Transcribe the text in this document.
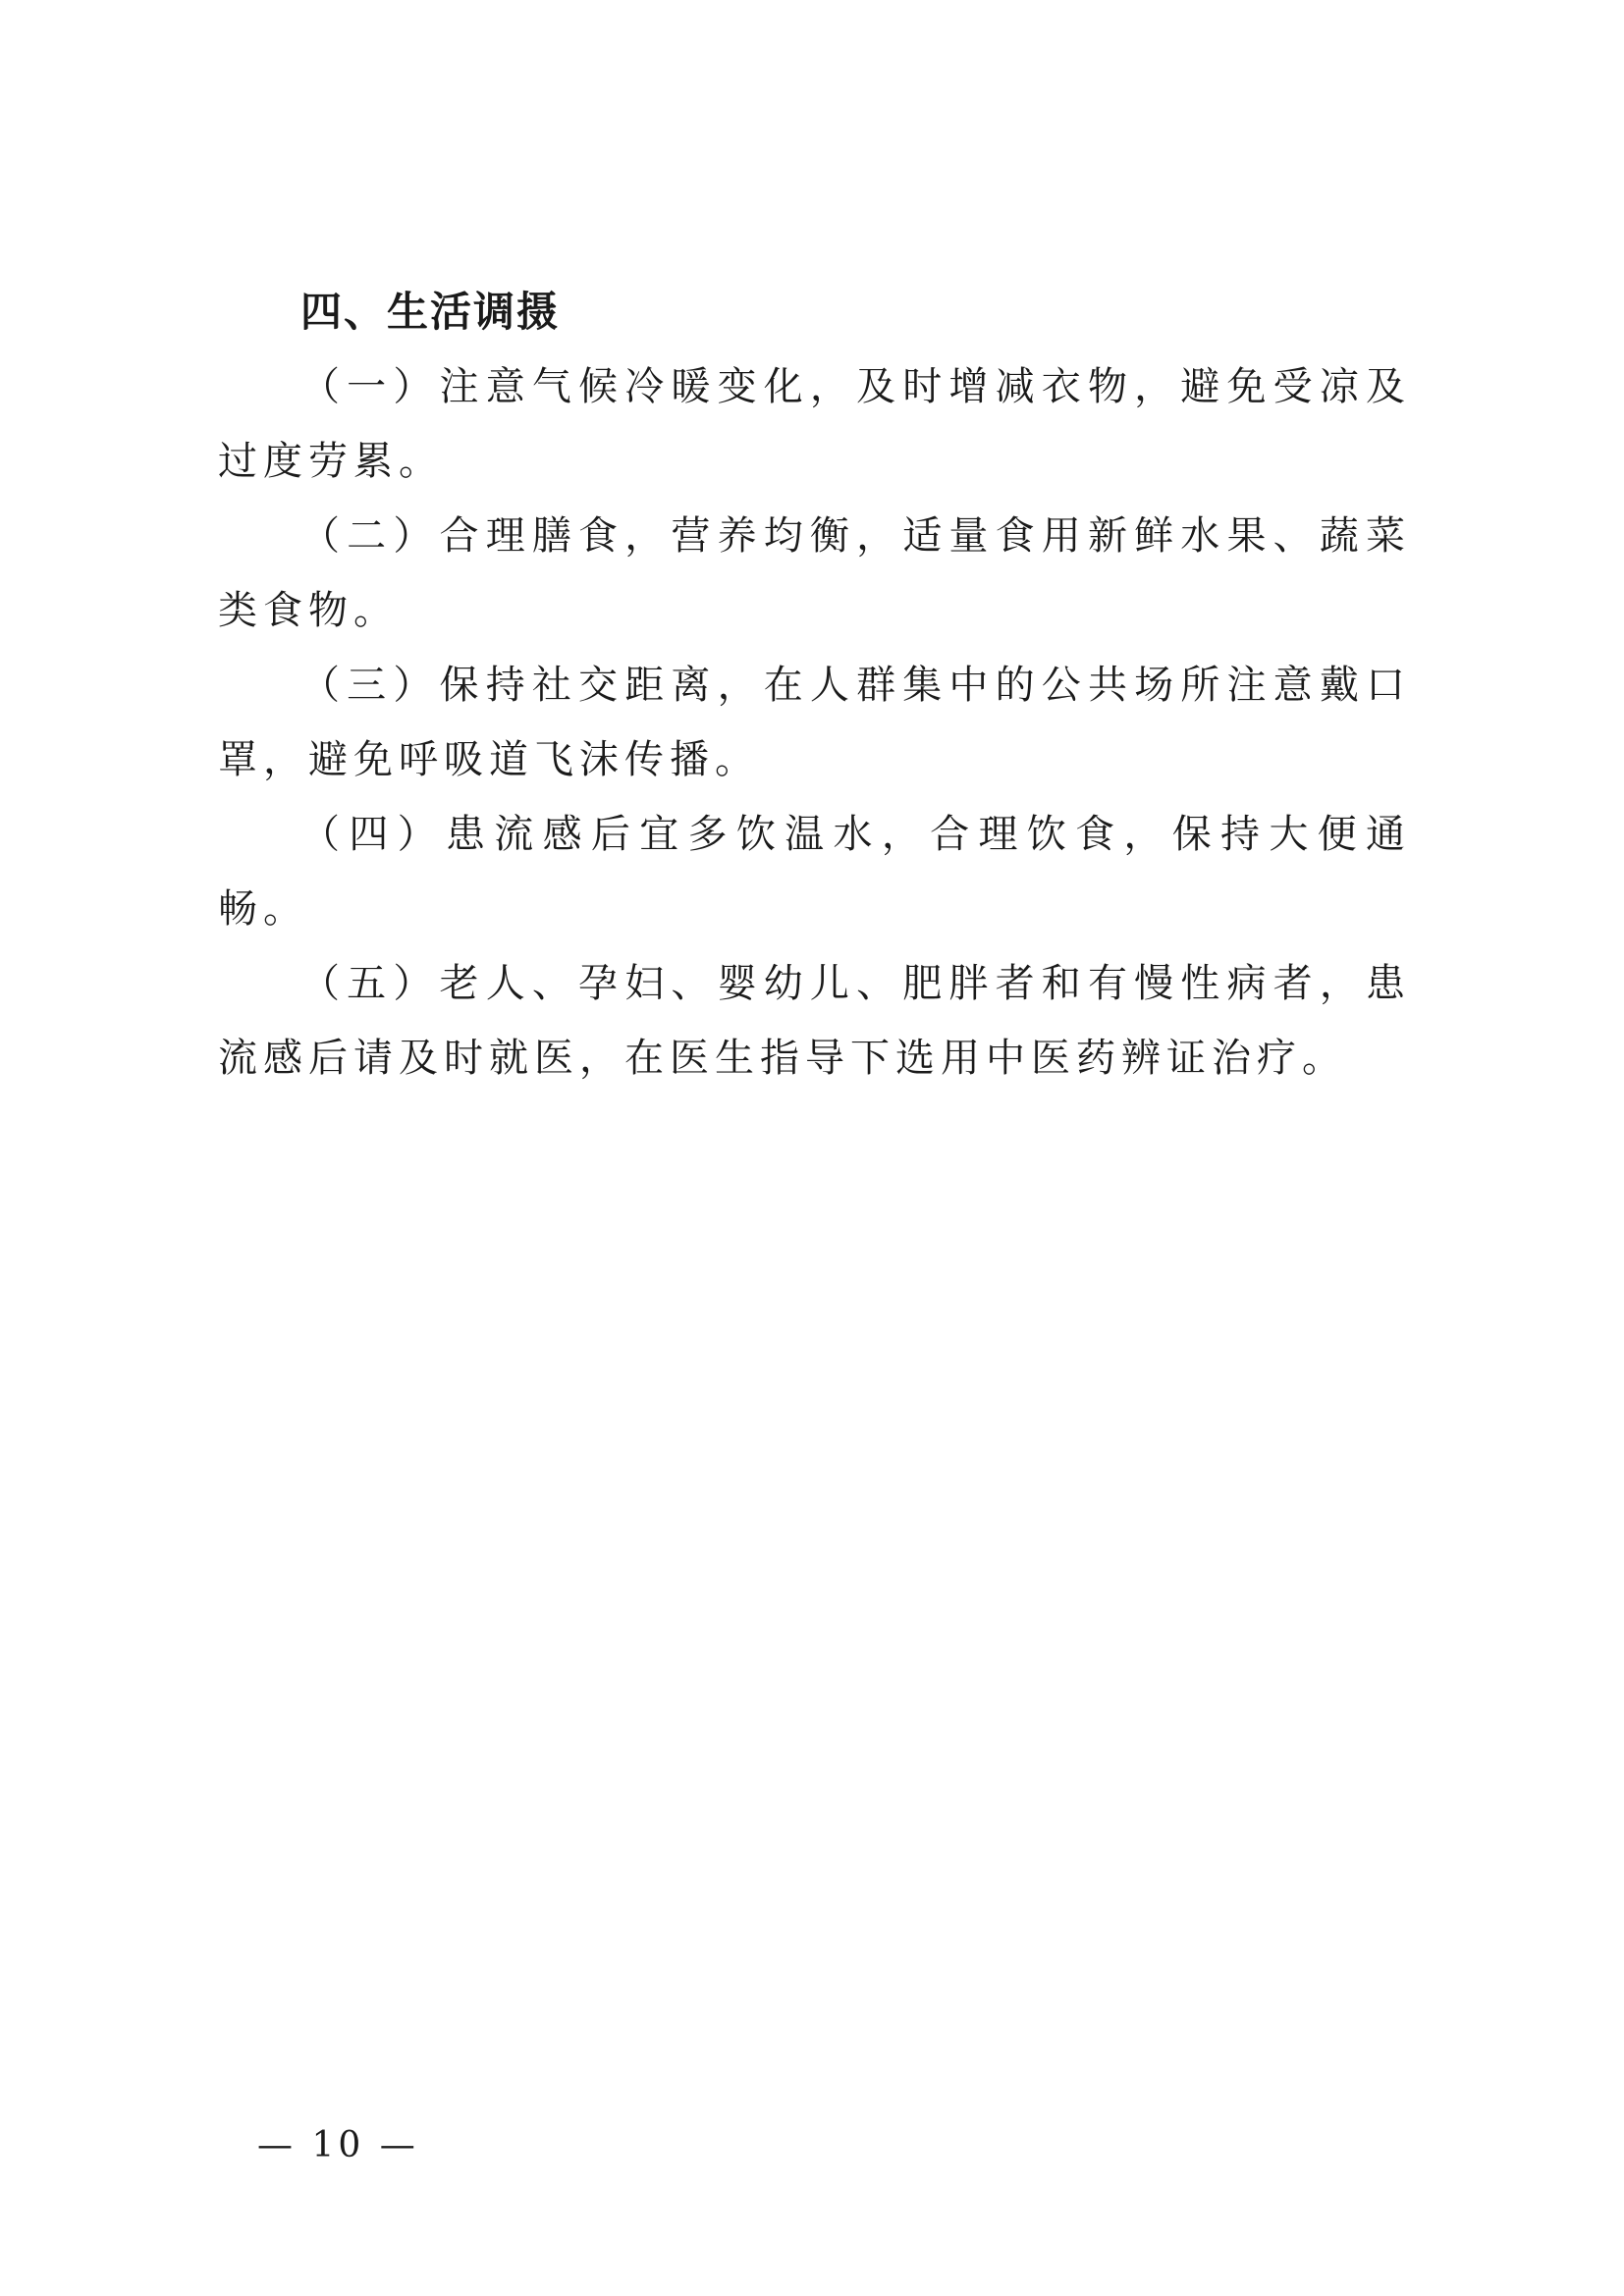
四、生活调摄

（一）注意气候冷暖变化，及时增减衣物，避免受凉及过度劳累。

（二）合理膳食，营养均衡，适量食用新鲜水果、蔬菜类食物。

（三）保持社交距离，在人群集中的公共场所注意戴口罩，避免呼吸道飞沫传播。

（四）患流感后宜多饮温水，合理饮食，保持大便通畅。

（五）老人、孕妇、婴幼儿、肥胖者和有慢性病者，患流感后请及时就医，在医生指导下选用中医药辨证治疗。

— 10 —
